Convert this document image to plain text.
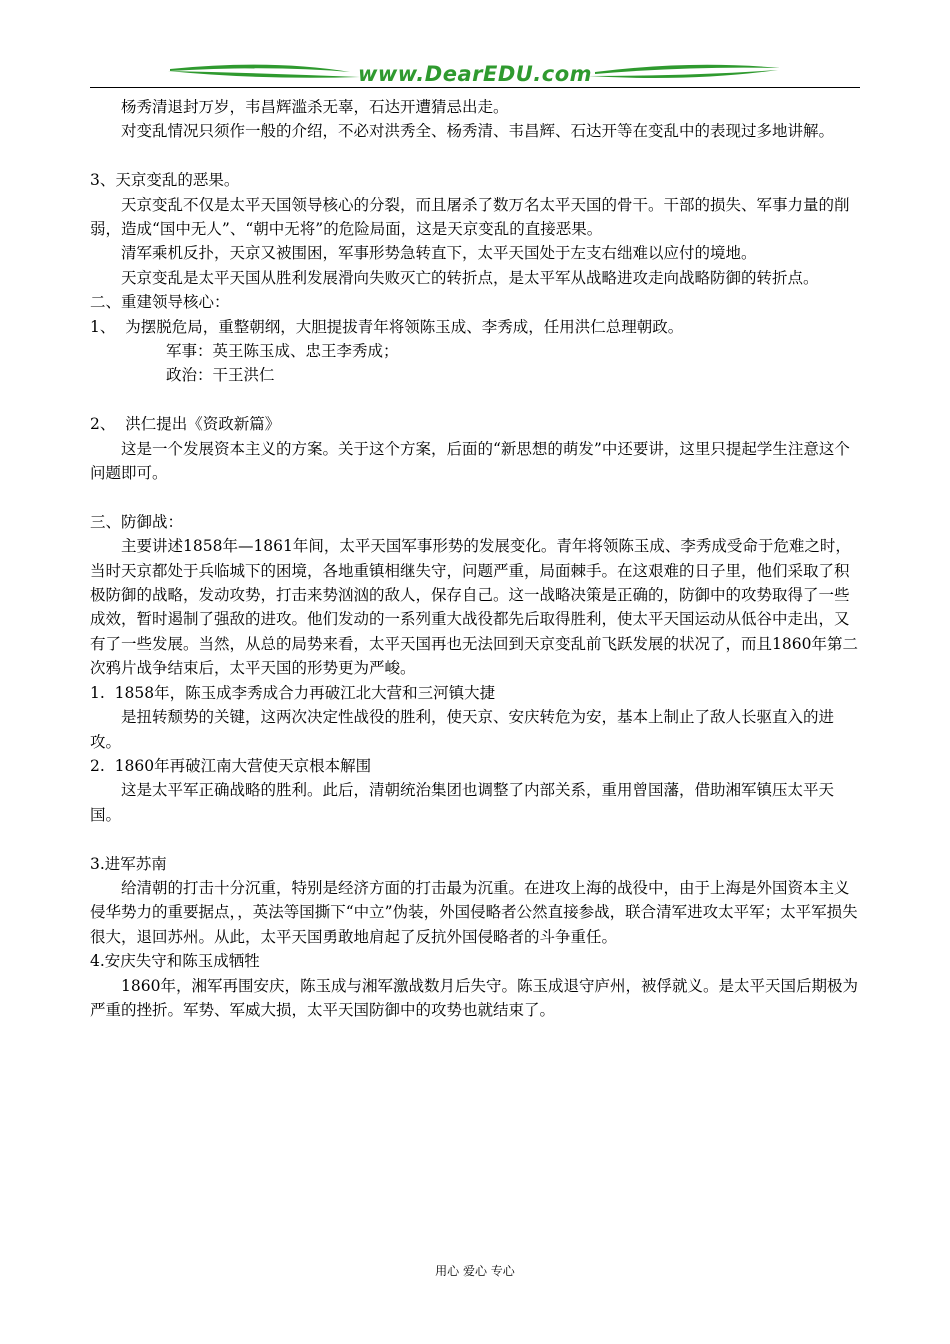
www.DearEDU.com

杨秀清退封万岁，韦昌辉滥杀无辜，石达开遭猜忌出走。

对变乱情况只须作一般的介绍，不必对洪秀全、杨秀清、韦昌辉、石达开等在变乱中的表现过多地讲解。

3、天京变乱的恶果。

天京变乱不仅是太平天国领导核心的分裂，而且屠杀了数万名太平天国的骨干。干部的损失、军事力量的削弱，造成“国中无人”、“朝中无将”的危险局面，这是天京变乱的直接恶果。

清军乘机反扑，天京又被围困，军事形势急转直下，太平天国处于左支右绌难以应付的境地。

天京变乱是太平天国从胜利发展滑向失败灭亡的转折点，是太平军从战略进攻走向战略防御的转折点。

二、重建领导核心：

1、  为摆脱危局，重整朝纲，大胆提拔青年将领陈玉成、李秀成，任用洪仁总理朝政。

军事：英王陈玉成、忠王李秀成；

政治：干王洪仁

2、  洪仁提出《资政新篇》

这是一个发展资本主义的方案。关于这个方案，后面的“新思想的萌发”中还要讲，这里只提起学生注意这个问题即可。

三、防御战：

主要讲述1858年—1861年间，太平天国军事形势的发展变化。青年将领陈玉成、李秀成受命于危难之时，当时天京都处于兵临城下的困境，各地重镇相继失守，问题严重，局面棘手。在这艰难的日子里，他们采取了积极防御的战略，发动攻势，打击来势汹汹的敌人，保存自己。这一战略决策是正确的，防御中的攻势取得了一些成效，暂时遏制了强敌的进攻。他们发动的一系列重大战役都先后取得胜利，使太平天国运动从低谷中走出，又有了一些发展。当然，从总的局势来看，太平天国再也无法回到天京变乱前飞跃发展的状况了，而且1860年第二次鸦片战争结束后，太平天国的形势更为严峻。

1.  1858年，陈玉成李秀成合力再破江北大营和三河镇大捷

是扭转颓势的关键，这两次决定性战役的胜利，使天京、安庆转危为安，基本上制止了敌人长驱直入的进攻。

2.  1860年再破江南大营使天京根本解围

这是太平军正确战略的胜利。此后，清朝统治集团也调整了内部关系，重用曾国藩，借助湘军镇压太平天国。

3.进军苏南

给清朝的打击十分沉重，特别是经济方面的打击最为沉重。在进攻上海的战役中，由于上海是外国资本主义侵华势力的重要据点，，英法等国撕下“中立”伪装，外国侵略者公然直接参战，联合清军进攻太平军；太平军损失很大，退回苏州。从此，太平天国勇敢地肩起了反抗外国侵略者的斗争重任。

4.安庆失守和陈玉成牺牲

1860年，湘军再围安庆，陈玉成与湘军激战数月后失守。陈玉成退守庐州，被俘就义。是太平天国后期极为严重的挫折。军势、军威大损，太平天国防御中的攻势也就结束了。

用心 爱心 专心
